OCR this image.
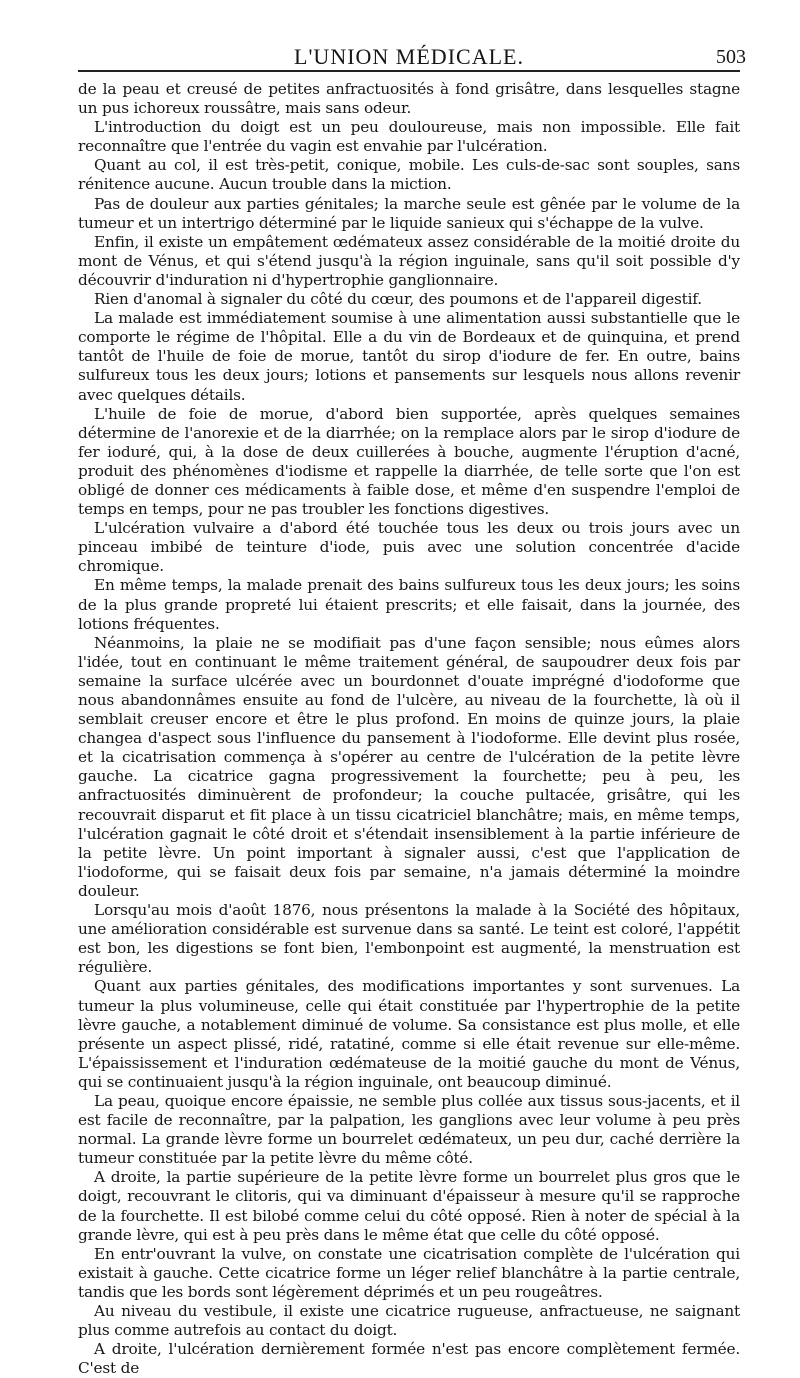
L'UNION MÉDICALE.	503

de la peau et creusé de petites anfractuosités à fond grisâtre, dans lesquelles stagne un pus ichoreux roussâtre, mais sans odeur.

L'introduction du doigt est un peu douloureuse, mais non impossible. Elle fait reconnaître que l'entrée du vagin est envahie par l'ulcération.

Quant au col, il est très-petit, conique, mobile. Les culs-de-sac sont souples, sans rénitence aucune. Aucun trouble dans la miction.

Pas de douleur aux parties génitales; la marche seule est gênée par le volume de la tumeur et un intertrigo déterminé par le liquide sanieux qui s'échappe de la vulve.

Enfin, il existe un empâtement œdémateux assez considérable de la moitié droite du mont de Vénus, et qui s'étend jusqu'à la région inguinale, sans qu'il soit possible d'y découvrir d'induration ni d'hypertrophie ganglionnaire.

Rien d'anomal à signaler du côté du cœur, des poumons et de l'appareil digestif.

La malade est immédiatement soumise à une alimentation aussi substantielle que le comporte le régime de l'hôpital. Elle a du vin de Bordeaux et de quinquina, et prend tantôt de l'huile de foie de morue, tantôt du sirop d'iodure de fer. En outre, bains sulfureux tous les deux jours; lotions et pansements sur lesquels nous allons revenir avec quelques détails.

L'huile de foie de morue, d'abord bien supportée, après quelques semaines détermine de l'anorexie et de la diarrhée; on la remplace alors par le sirop d'iodure de fer ioduré, qui, à la dose de deux cuillerées à bouche, augmente l'éruption d'acné, produit des phénomènes d'iodisme et rappelle la diarrhée, de telle sorte que l'on est obligé de donner ces médicaments à faible dose, et même d'en suspendre l'emploi de temps en temps, pour ne pas troubler les fonctions digestives.

L'ulcération vulvaire a d'abord été touchée tous les deux ou trois jours avec un pinceau imbibé de teinture d'iode, puis avec une solution concentrée d'acide chromique.

En même temps, la malade prenait des bains sulfureux tous les deux jours; les soins de la plus grande propreté lui étaient prescrits; et elle faisait, dans la journée, des lotions fréquentes.

Néanmoins, la plaie ne se modifiait pas d'une façon sensible; nous eûmes alors l'idée, tout en continuant le même traitement général, de saupoudrer deux fois par semaine la surface ulcérée avec un bourdonnet d'ouate imprégné d'iodoforme que nous abandonnâmes ensuite au fond de l'ulcère, au niveau de la fourchette, là où il semblait creuser encore et être le plus profond. En moins de quinze jours, la plaie changea d'aspect sous l'influence du pansement à l'iodoforme. Elle devint plus rosée, et la cicatrisation commença à s'opérer au centre de l'ulcération de la petite lèvre gauche. La cicatrice gagna progressivement la fourchette; peu à peu, les anfractuosités diminuèrent de profondeur; la couche pultacée, grisâtre, qui les recouvrait disparut et fit place à un tissu cicatriciel blanchâtre; mais, en même temps, l'ulcération gagnait le côté droit et s'étendait insensiblement à la partie inférieure de la petite lèvre. Un point important à signaler aussi, c'est que l'application de l'iodoforme, qui se faisait deux fois par semaine, n'a jamais déterminé la moindre douleur.

Lorsqu'au mois d'août 1876, nous présentons la malade à la Société des hôpitaux, une amélioration considérable est survenue dans sa santé. Le teint est coloré, l'appétit est bon, les digestions se font bien, l'embonpoint est augmenté, la menstruation est régulière.

Quant aux parties génitales, des modifications importantes y sont survenues. La tumeur la plus volumineuse, celle qui était constituée par l'hypertrophie de la petite lèvre gauche, a notablement diminué de volume. Sa consistance est plus molle, et elle présente un aspect plissé, ridé, ratatiné, comme si elle était revenue sur elle-même. L'épaississement et l'induration œdémateuse de la moitié gauche du mont de Vénus, qui se continuaient jusqu'à la région inguinale, ont beaucoup diminué.

La peau, quoique encore épaissie, ne semble plus collée aux tissus sous-jacents, et il est facile de reconnaître, par la palpation, les ganglions avec leur volume à peu près normal. La grande lèvre forme un bourrelet œdémateux, un peu dur, caché derrière la tumeur constituée par la petite lèvre du même côté.

A droite, la partie supérieure de la petite lèvre forme un bourrelet plus gros que le doigt, recouvrant le clitoris, qui va diminuant d'épaisseur à mesure qu'il se rapproche de la fourchette. Il est bilobé comme celui du côté opposé. Rien à noter de spécial à la grande lèvre, qui est à peu près dans le même état que celle du côté opposé.

En entr'ouvrant la vulve, on constate une cicatrisation complète de l'ulcération qui existait à gauche. Cette cicatrice forme un léger relief blanchâtre à la partie centrale, tandis que les bords sont légèrement déprimés et un peu rougeâtres.

Au niveau du vestibule, il existe une cicatrice rugueuse, anfractueuse, ne saignant plus comme autrefois au contact du doigt.

A droite, l'ulcération dernièrement formée n'est pas encore complètement fermée. C'est de
